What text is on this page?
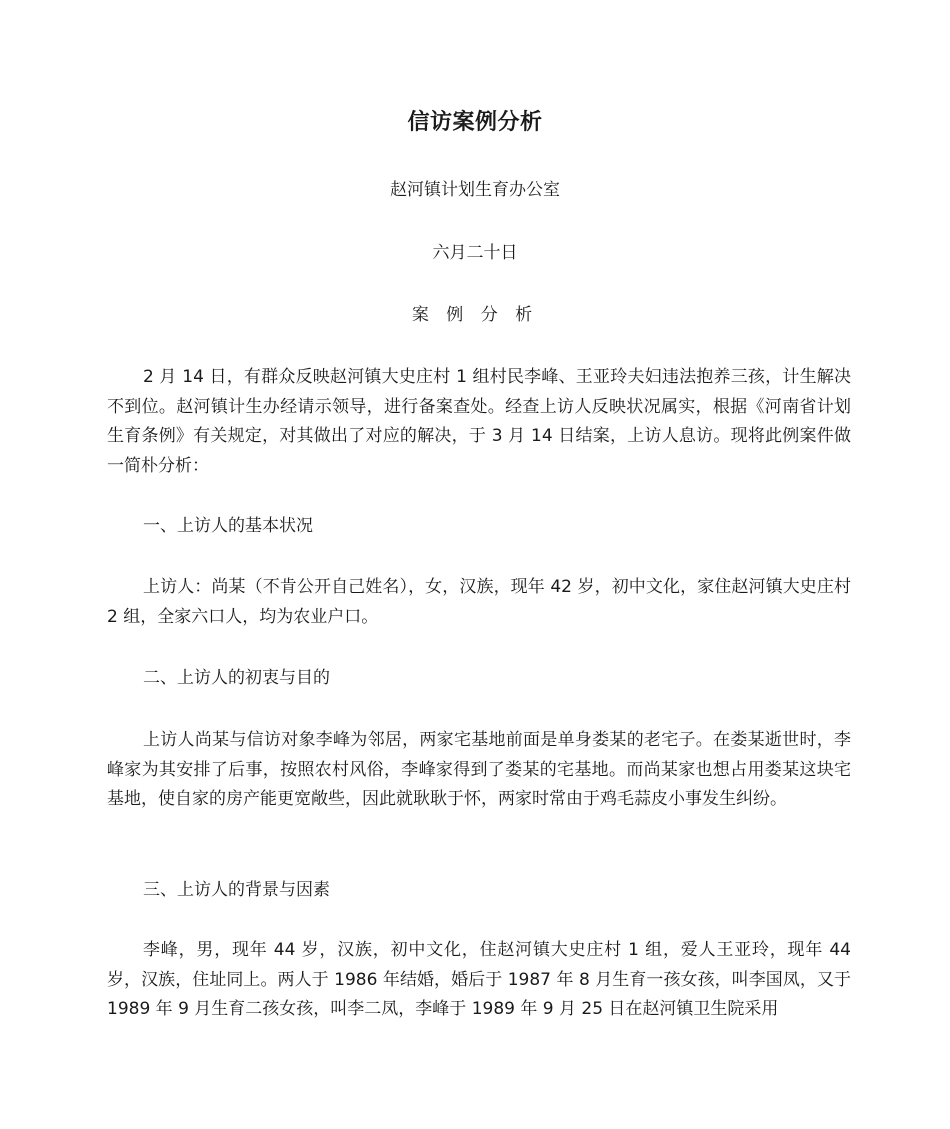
信访案例分析
赵河镇计划生育办公室
六月二十日
案 例 分 析

2 月 14 日，有群众反映赵河镇大史庄村 1 组村民李峰、王亚玲夫妇违法抱养三孩，计生解决不到位。赵河镇计生办经请示领导，进行备案查处。经查上访人反映状况属实，根据《河南省计划生育条例》有关规定，对其做出了对应的解决，于 3 月 14 日结案，上访人息访。现将此例案件做一简朴分析：

一、上访人的基本状况

上访人：尚某（不肯公开自己姓名），女，汉族，现年 42 岁，初中文化，家住赵河镇大史庄村 2 组，全家六口人，均为农业户口。

二、上访人的初衷与目的

上访人尚某与信访对象李峰为邻居，两家宅基地前面是单身娄某的老宅子。在娄某逝世时，李峰家为其安排了后事，按照农村风俗，李峰家得到了娄某的宅基地。而尚某家也想占用娄某这块宅基地，使自家的房产能更宽敞些，因此就耿耿于怀，两家时常由于鸡毛蒜皮小事发生纠纷。

三、上访人的背景与因素

李峰，男，现年 44 岁，汉族，初中文化，住赵河镇大史庄村 1 组，爱人王亚玲，现年 44 岁，汉族，住址同上。两人于 1986 年结婚，婚后于 1987 年 8 月生育一孩女孩，叫李国凤，又于 1989 年 9 月生育二孩女孩，叫李二凤，李峰于 1989 年 9 月 25 日在赵河镇卫生院采用
